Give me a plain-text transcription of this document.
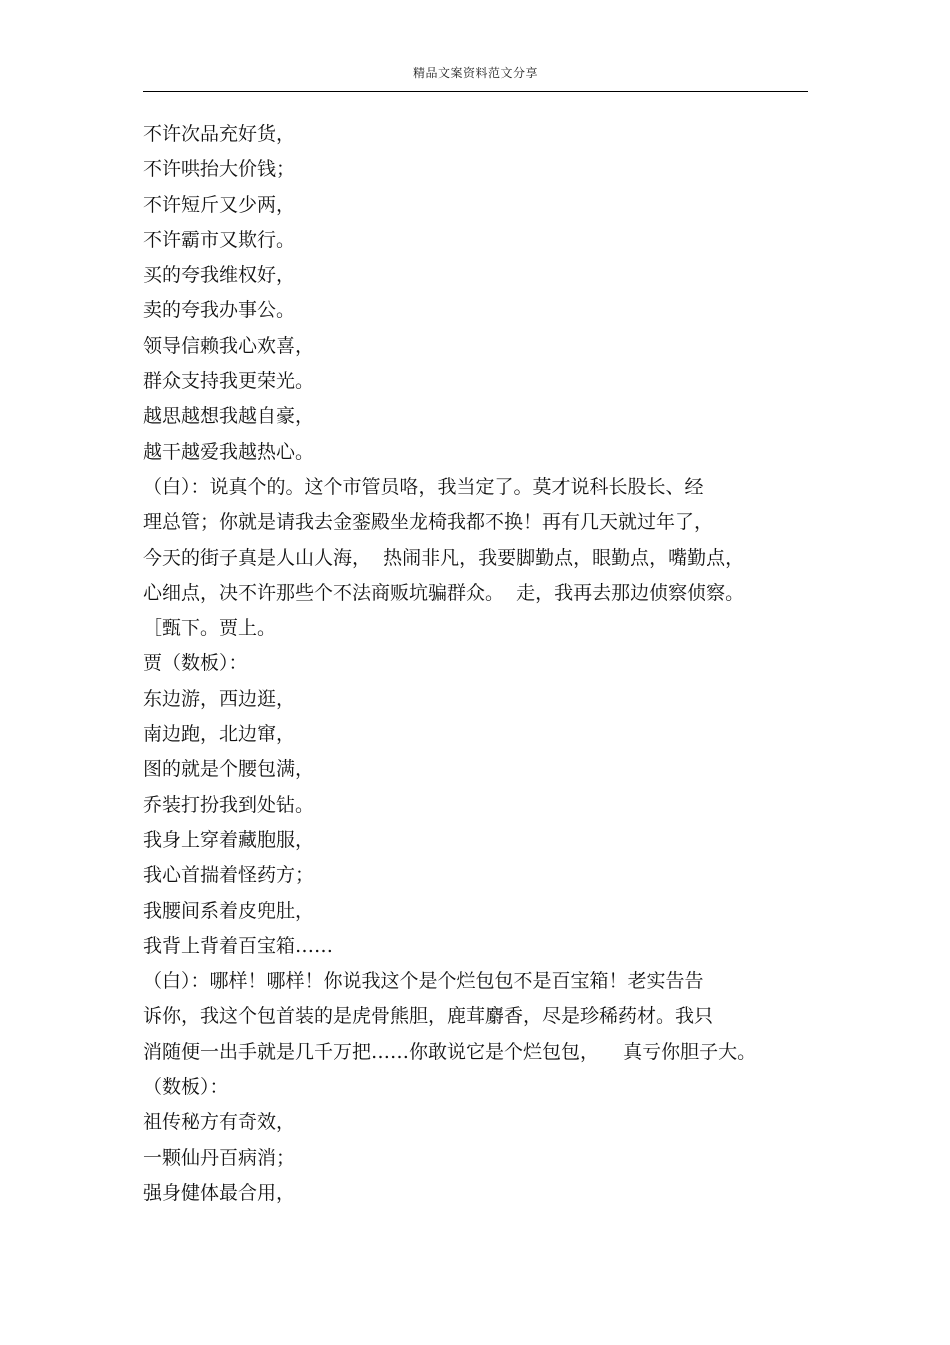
精品文案资料范文分享
不许次品充好货，
不许哄抬大价钱；
不许短斤又少两，
不许霸市又欺行。
买的夸我维权好，
卖的夸我办事公。
领导信赖我心欢喜，
群众支持我更荣光。
越思越想我越自豪，
越干越爱我越热心。
（白）：说真个的。这个市管员咯，我当定了。莫才说科长股长、经
理总管；你就是请我去金銮殿坐龙椅我都不换！再有几天就过年了，
今天的街子真是人山人海，  热闹非凡，我要脚勤点，眼勤点，嘴勤点，
心细点，决不许那些个不法商贩坑骗群众。  走，我再去那边侦察侦察。
［甄下。贾上。
贾（数板）：
东边游，西边逛，
南边跑，北边窜，
图的就是个腰包满，
乔装打扮我到处钻。
我身上穿着藏胞服，
我心首揣着怪药方；
我腰间系着皮兜肚，
我背上背着百宝箱……
（白）：哪样！哪样！你说我这个是个烂包包不是百宝箱！老实告告
诉你，我这个包首装的是虎骨熊胆，鹿茸麝香，尽是珍稀药材。我只
消随便一出手就是几千万把……你敢说它是个烂包包，    真亏你胆子大。
（数板）：
祖传秘方有奇效，
一颗仙丹百病消；
强身健体最合用，
